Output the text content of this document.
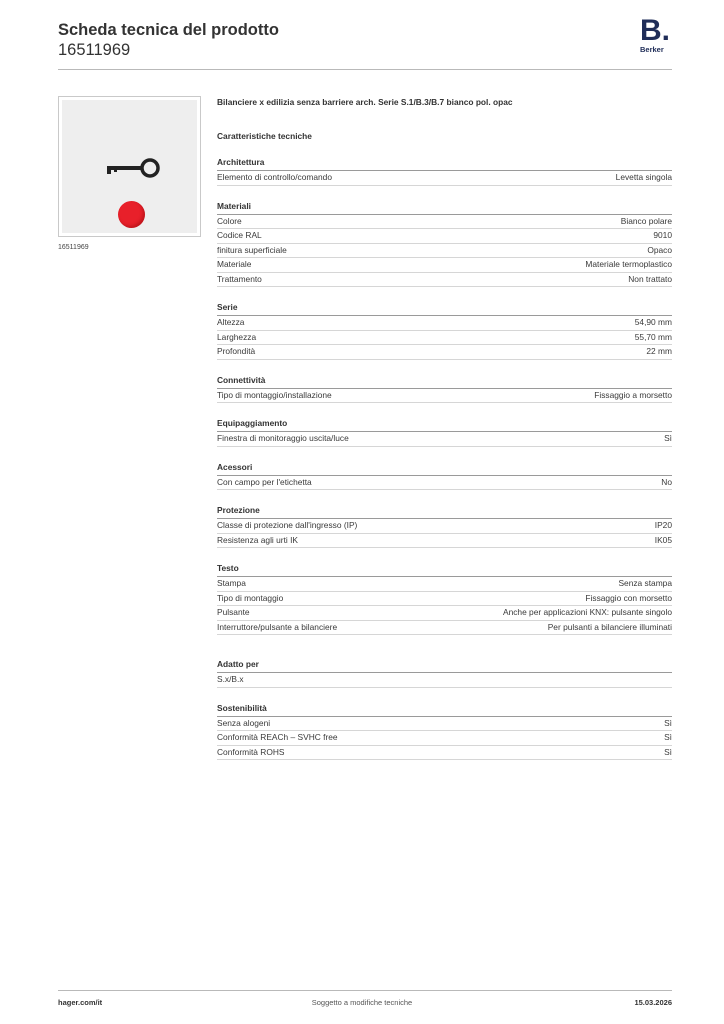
Scheda tecnica del prodotto
16511969
B.
Berker
16511969
Bilanciere x edilizia senza barriere arch. Serie S.1/B.3/B.7 bianco pol. opac
Caratteristiche tecniche
Architettura
Elemento di controllo/comando	Levetta singola
Materiali
Colore	Bianco polare
Codice RAL	9010
finitura superficiale	Opaco
Materiale	Materiale termoplastico
Trattamento	Non trattato
Serie
Altezza	54,90 mm
Larghezza	55,70 mm
Profondità	22 mm
Connettività
Tipo di montaggio/installazione	Fissaggio a morsetto
Equipaggiamento
Finestra di monitoraggio uscita/luce	Sì
Acessori
Con campo per l'etichetta	No
Protezione
Classe di protezione dall'ingresso (IP)	IP20
Resistenza agli urti IK	IK05
Testo
Stampa	Senza stampa
Tipo di montaggio	Fissaggio con morsetto
Pulsante	Anche per applicazioni KNX: pulsante singolo
Interruttore/pulsante a bilanciere	Per pulsanti a bilanciere illuminati
Adatto per
S.x/B.x
Sostenibilità
Senza alogeni	Sì
Conformità REACh – SVHC free	Sì
Conformità ROHS	Sì
hager.com/it	Soggetto a modifiche tecniche	15.03.2026
